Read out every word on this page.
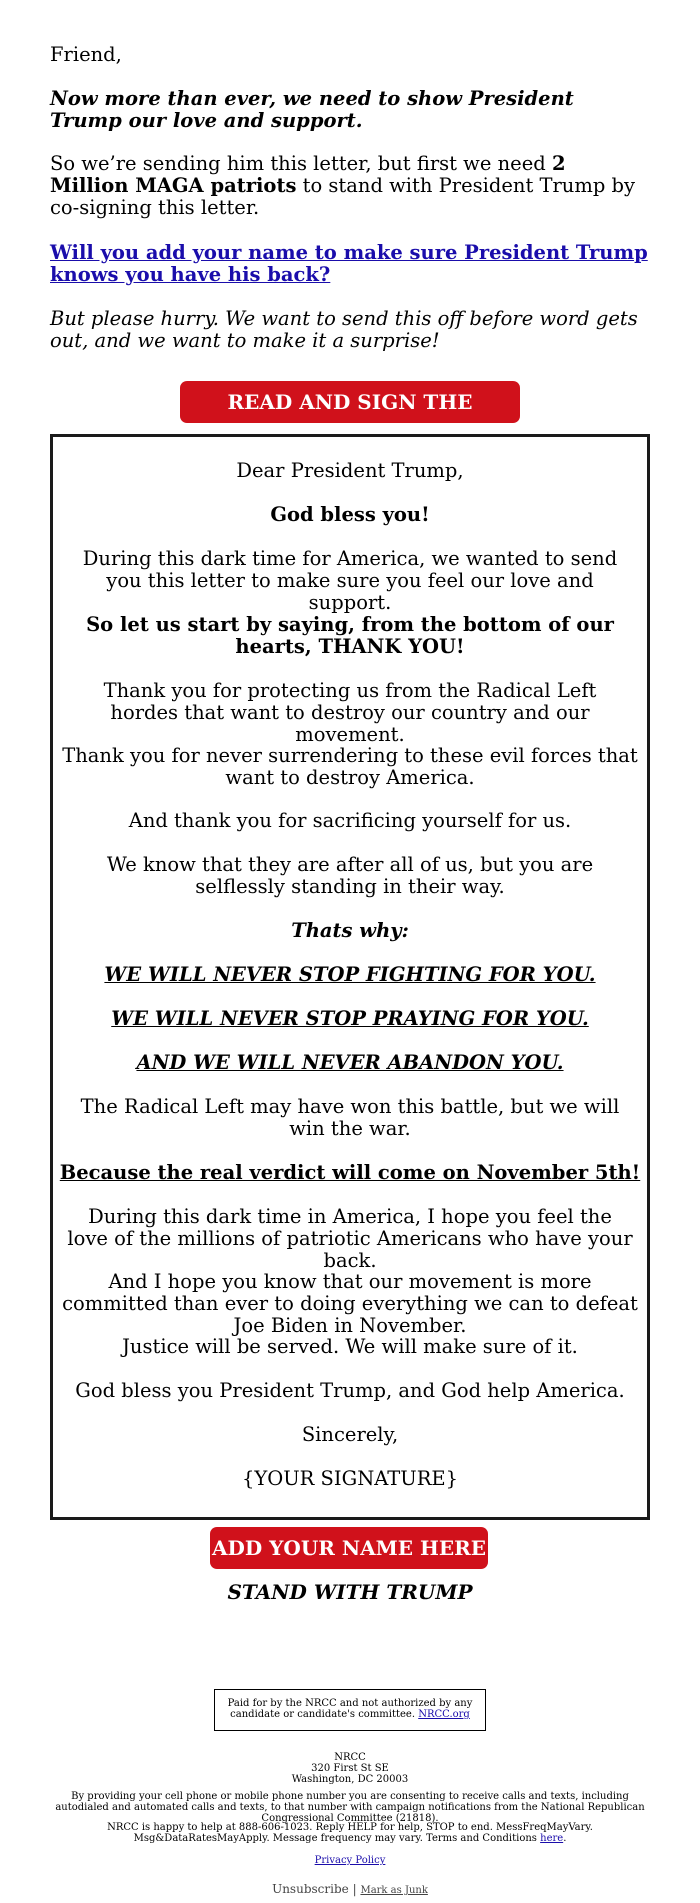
Friend,

Now more than ever, we need to show President Trump our love and support.

So we’re sending him this letter, but first we need 2 Million MAGA patriots to stand with President Trump by co-signing this letter.

Will you add your name to make sure President Trump knows you have his back?

But please hurry. We want to send this off before word gets out, and we want to make it a surprise!

READ AND SIGN THE LETTER

Dear President Trump,

God bless you!

During this dark time for America, we wanted to send you this letter to make sure you feel our love and support.

So let us start by saying, from the bottom of our hearts, THANK YOU!

Thank you for protecting us from the Radical Left hordes that want to destroy our country and our movement.

Thank you for never surrendering to these evil forces that want to destroy America.

And thank you for sacrificing yourself for us.

We know that they are after all of us, but you are selflessly standing in their way.

Thats why:

WE WILL NEVER STOP FIGHTING FOR YOU.

WE WILL NEVER STOP PRAYING FOR YOU.

AND WE WILL NEVER ABANDON YOU.

The Radical Left may have won this battle, but we will win the war.

Because the real verdict will come on November 5th!

During this dark time in America, I hope you feel the love of the millions of patriotic Americans who have your back.

And I hope you know that our movement is more committed than ever to doing everything we can to defeat Joe Biden in November.

Justice will be served. We will make sure of it.

God bless you President Trump, and God help America.

Sincerely,

{YOUR SIGNATURE}

ADD YOUR NAME HERE

STAND WITH TRUMP

Paid for by the NRCC and not authorized by any candidate or candidate's committee. NRCC.org
NRCC
320 First St SE
Washington, DC 20003

By providing your cell phone or mobile phone number you are consenting to receive calls and texts, including autodialed and automated calls and texts, to that number with campaign notifications from the National Republican Congressional Committee (21818).

NRCC is happy to help at 888-606-1023. Reply HELP for help, STOP to end. MessFreqMayVary. Msg&DataRatesMayApply. Message frequency may vary. Terms and Conditions here.

Privacy Policy
Unsubscribe | Mark as Junk
